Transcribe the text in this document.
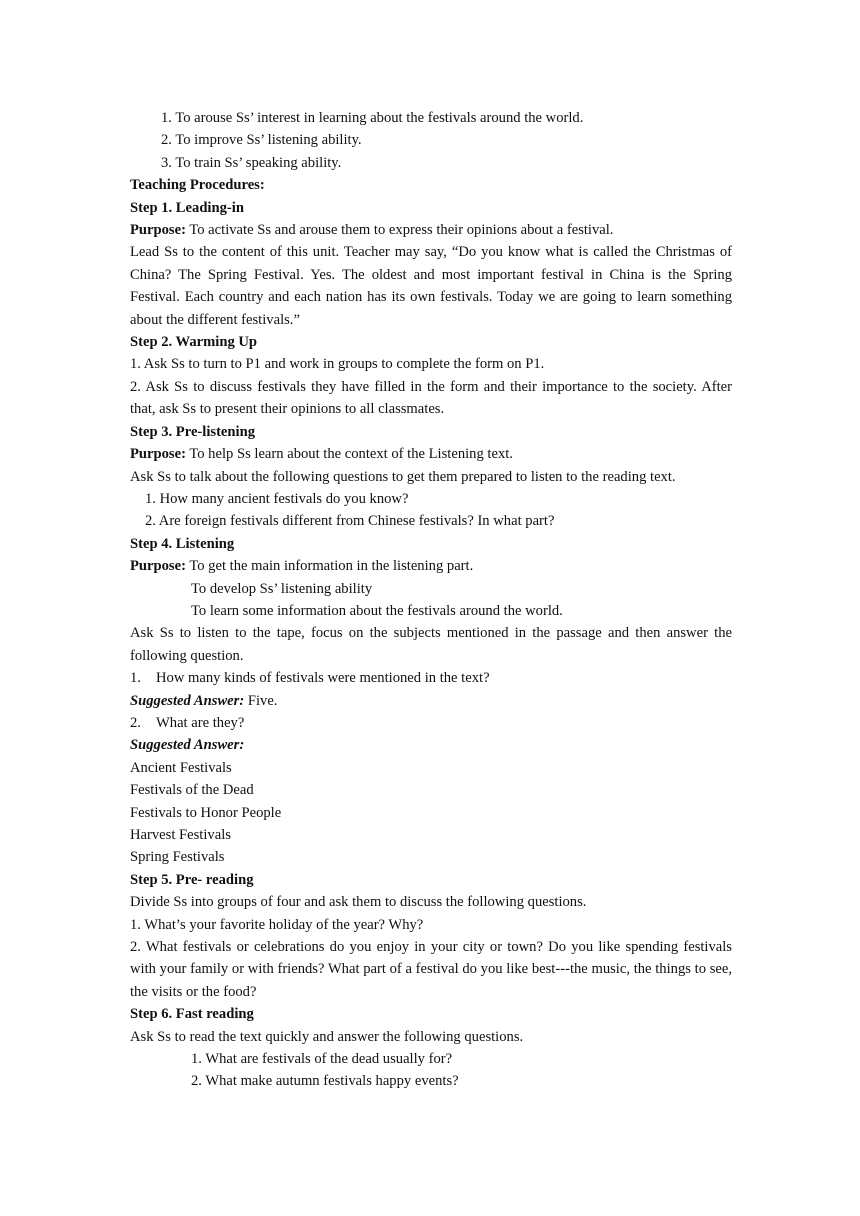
1. To arouse Ss’ interest in learning about the festivals around the world.

2. To improve Ss’ listening ability.

3. To train Ss’ speaking ability.

Teaching Procedures:

Step 1. Leading-in

Purpose: To activate Ss and arouse them to express their opinions about a festival.

Lead Ss to the content of this unit. Teacher may say, “Do you know what is called the Christmas of China? The Spring Festival. Yes. The oldest and most important festival in China is the Spring Festival. Each country and each nation has its own festivals. Today we are going to learn something about the different festivals.”

Step 2. Warming Up

1. Ask Ss to turn to P1 and work in groups to complete the form on P1.

2. Ask Ss to discuss festivals they have filled in the form and their importance to the society. After that, ask Ss to present their opinions to all classmates.

Step 3. Pre-listening

Purpose: To help Ss learn about the context of the Listening text.

Ask Ss to talk about the following questions to get them prepared to listen to the reading text.

1. How many ancient festivals do you know?

2. Are foreign festivals different from Chinese festivals? In what part?

Step 4. Listening

Purpose: To get the main information in the listening part.

To develop Ss’ listening ability

To learn some information about the festivals around the world.

Ask Ss to listen to the tape, focus on the subjects mentioned in the passage and then answer the following question.

1. How many kinds of festivals were mentioned in the text?

Suggested Answer: Five.

2. What are they?

Suggested Answer:

Ancient Festivals

Festivals of the Dead

Festivals to Honor People

Harvest Festivals

Spring Festivals

Step 5. Pre- reading

Divide Ss into groups of four and ask them to discuss the following questions.

1. What’s your favorite holiday of the year? Why?

2. What festivals or celebrations do you enjoy in your city or town? Do you like spending festivals with your family or with friends? What part of a festival do you like best---the music, the things to see, the visits or the food?

Step 6. Fast reading

Ask Ss to read the text quickly and answer the following questions.

1. What are festivals of the dead usually for?

2. What make autumn festivals happy events?
